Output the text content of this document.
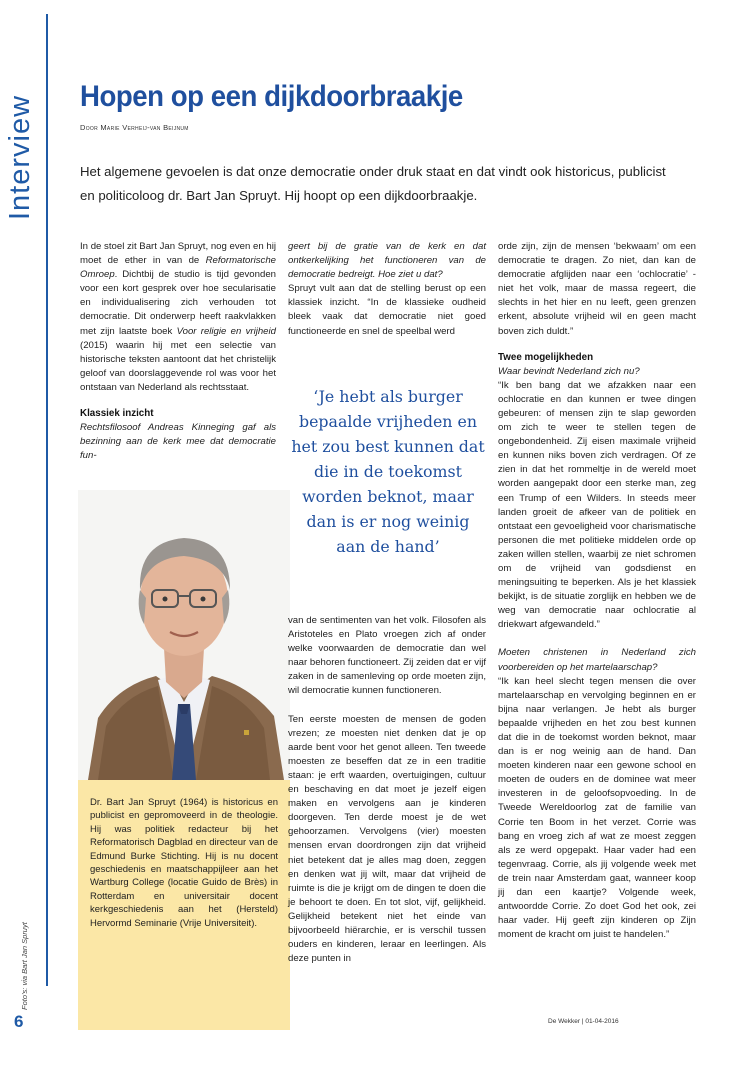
Interview Hopen op een dijkdoorbraakje
Door Marie Verheij-van Beijnum
Het algemene gevoelen is dat onze democratie onder druk staat en dat vindt ook historicus, publicist en politicoloog dr. Bart Jan Spruyt. Hij hoopt op een dijkdoorbraakje.

In de stoel zit Bart Jan Spruyt, nog even en hij moet de ether in van de Reformatorische Omroep. Dichtbij de studio is tijd gevonden voor een kort gesprek over hoe secularisatie en individualisering zich verhouden tot democratie. Dit onderwerp heeft raakvlakken met zijn laatste boek Voor religie en vrijheid (2015) waarin hij met een selectie van historische teksten aantoont dat het christelijk geloof van doorslaggevende rol was voor het ontstaan van Nederland als rechtsstaat.

Klassiek inzicht

Rechtsfilosoof Andreas Kinneging gaf als bezinning aan de kerk mee dat democratie fun-

Dr. Bart Jan Spruyt (1964) is historicus en publicist en gepromoveerd in de theologie. Hij was politiek redacteur bij het Reformatorisch Dagblad en directeur van de Edmund Burke Stichting. Hij is nu docent geschiedenis en maatschappijleer aan het Wartburg College (locatie Guido de Brès) in Rotterdam en universitair docent kerkgeschiedenis aan het (Hersteld) Hervormd Seminarie (Vrije Universiteit).
‘Je hebt als burger bepaalde vrijheden en het zou best kunnen dat die in de toekomst worden beknot, maar dan is er nog weinig aan de hand’

geert bij de gratie van de kerk en dat ontkerkelijking het functioneren van de democratie bedreigt. Hoe ziet u dat?

Spruyt vult aan dat de stelling berust op een klassiek inzicht. “In de klassieke oudheid bleek vaak dat democratie niet goed functioneerde en snel de speelbal werd

van de sentimenten van het volk. Filosofen als Aristoteles en Plato vroegen zich af onder welke voorwaarden de democratie dan wel naar behoren functioneert. Zij zeiden dat er vijf zaken in de samenleving op orde moeten zijn, wil democratie kunnen functioneren.

Ten eerste moesten de mensen de goden vrezen; ze moesten niet denken dat je op aarde bent voor het genot alleen. Ten tweede moesten ze beseffen dat ze in een traditie staan: je erft waarden, overtuigingen, cultuur en beschaving en dat moet je jezelf eigen maken en vervolgens aan je kinderen doorgeven. Ten derde moest je de wet gehoorzamen. Vervolgens (vier) moesten mensen ervan doordrongen zijn dat vrijheid niet betekent dat je alles mag doen, zeggen en denken wat jij wilt, maar dat vrijheid de ruimte is die je krijgt om de dingen te doen die je behoort te doen. En tot slot, vijf, gelijkheid. Gelijkheid betekent niet het einde van bijvoorbeeld hiërarchie, er is verschil tussen ouders en kinderen, leraar en leerlingen. Als deze punten in

orde zijn, zijn de mensen ‘bekwaam’ om een democratie te dragen. Zo niet, dan kan de democratie afglijden naar een ‘ochlocratie’ - niet het volk, maar de massa regeert, die slechts in het hier en nu leeft, geen grenzen erkent, absolute vrijheid wil en geen macht boven zich duldt.”

Twee mogelijkheden

Waar bevindt Nederland zich nu?

“Ik ben bang dat we afzakken naar een ochlocratie en dan kunnen er twee dingen gebeuren: of mensen zijn te slap geworden om zich te weer te stellen tegen de ongebondenheid. Zij eisen maximale vrijheid en kunnen niks boven zich verdragen. Of ze zien in dat het rommeltje in de wereld moet worden aangepakt door een sterke man, zeg een Trump of een Wilders. In steeds meer landen groeit de afkeer van de politiek en ontstaat een gevoeligheid voor charismatische personen die met politieke middelen orde op zaken willen stellen, waarbij ze niet schromen om de vrijheid van godsdienst en meningsuiting te beperken. Als je het klassiek bekijkt, is de situatie zorglijk en hebben we de weg van democratie naar ochlocratie al driekwart afgewandeld.”

Moeten christenen in Nederland zich voorbereiden op het martelaarschap?

“Ik kan heel slecht tegen mensen die over martelaarschap en vervolging beginnen en er bijna naar verlangen. Je hebt als burger bepaalde vrijheden en het zou best kunnen dat die in de toekomst worden beknot, maar dan is er nog weinig aan de hand. Dan moeten kinderen naar een gewone school en moeten de ouders en de dominee wat meer investeren in de geloofsopvoeding. In de Tweede Wereldoorlog zat de familie van Corrie ten Boom in het verzet. Corrie was bang en vroeg zich af wat ze moest zeggen als ze werd opgepakt. Haar vader had een tegenvraag. Corrie, als jij volgende week met de trein naar Amsterdam gaat, wanneer koop jij dan een kaartje? Volgende week, antwoordde Corrie. Zo doet God het ook, zei haar vader. Hij geeft zijn kinderen op Zijn moment de kracht om juist te handelen.”

Foto’s: via Bart Jan Spruyt
6	De Wekker | 01-04-2016
